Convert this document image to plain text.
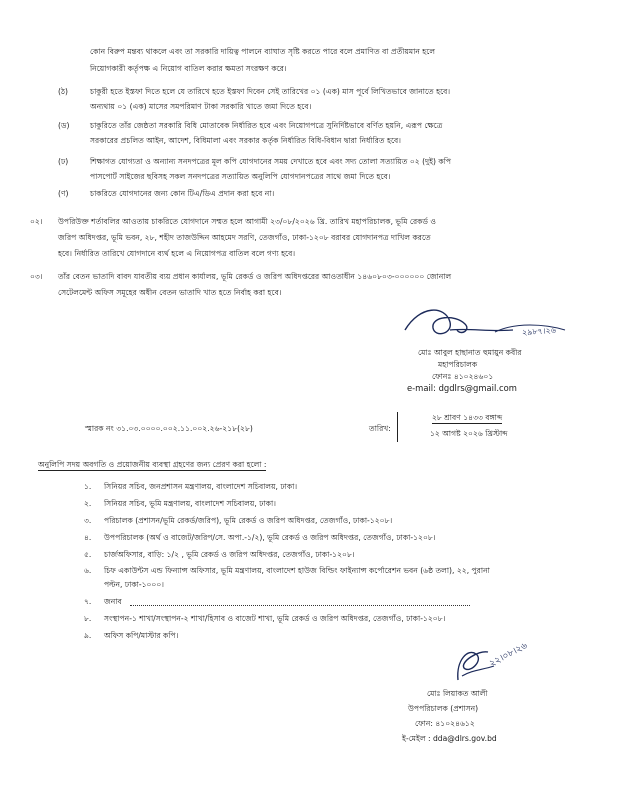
কোন বিরুপ মন্তব্য থাকলে এবং তা সরকারি দায়িত্ব পালনে ব্যাঘাত সৃষ্টি করতে পারে বলে প্রমাণিত বা প্রতীয়মান হলে
নিয়োগকারী কর্তৃপক্ষ এ নিয়োগ বাতিল করার ক্ষমতা সংরক্ষণ করে।
(ঠ)	চাকুরী হতে ইস্তফা দিতে হলে যে তারিখে হতে ইস্তফা দিবেন সেই তারিখের ০১ (এক) মাস পূর্বে লিখিতভাবে জানাতে হবে।
অন্যথায় ০১ (এক) মাসের সমপরিমাণ টাকা সরকারি খাতে জমা দিতে হবে।
(ড)	চাকুরিতে তাঁর জেষ্ঠতা সরকারি বিধি মোতাবেক নির্ধারিত হবে এবং নিয়োগপত্রে সুনির্দিষ্টভাবে বর্ণিত হয়নি, এরূপ ক্ষেত্রে
সরকারের প্রচলিত আইন, আদেশ, বিধিমালা এবং সরকার কর্তৃক নির্ধারিত বিধি-বিধান দ্বারা নির্ধারিত হবে।
(ঢ)	শিক্ষাগত যোগ্যতা ও অন্যান্য সনদপত্রের মূল কপি যোগদানের সময় দেখাতে হবে এবং সদ্য তোলা সত্যায়িত ০২ (দুই) কপি
পাসপোর্ট সাইজের ছবিসহ সকল সনদপত্রের সত্যায়িত অনুলিপি যোগদানপত্রের সাথে জমা দিতে হবে।
(ণ)	চাকরিতে যোগদানের জন্য কোন টিএ/ডিএ প্রদান করা হবে না।
০২। উপরিউক্ত শর্তাবলির আওতায় চাকরিতে যোগদানে সম্মত হলে আগামী ২৩/০৮/২০২৬ খ্রি. তারিখ মহাপরিচালক, ভূমি রেকর্ড ও
জরিপ অধিদপ্তর, ভূমি ভবন, ২৮, শহীদ তাজউদ্দিন আহমেদ সরণি, তেজগাঁও, ঢাকা-১২০৮ বরাবর যোগদানপত্র দাখিল করতে
হবে। নির্ধারিত তারিখে যোগদানে ব্যর্থ হলে এ নিয়োগপত্র বাতিল বলে গণ্য হবে।
০৩। তাঁর বেতন ভাতাদি বাবদ যাবতীয় ব্যয় প্রধান কার্যালয়, ভূমি রেকর্ড ও জরিপ অধিদপ্তরের আওতাধীন ১৪৬০৮০৩-০০০০০০ জোনাল
সেটেলমেন্ট অফিস সমূহের অধীন বেতন ভাতাদি খাত হতে নির্বাহ করা হবে।
২৯৮৭।২৬
মোঃ আবুল হাছানাত হুমায়ুন কবীর
মহাপরিচালক
ফোনঃ ৪১০২৪৬০১
e-mail: dgdlrs@gmail.com
স্মারক নং ৩১.০৩.০০০০.০০২.১১.০০২.২৬-২১৮(২৮)	তারিখ:
২৮ শ্রাবণ ১৪৩৩ বঙ্গাব্দ
১২ আগষ্ট ২০২৬ খ্রিস্টাব্দ
অনুলিপি সদয় অবগতি ও প্রয়োজনীয় ব্যবস্থা গ্রহণের জন্য প্রেরণ করা হলো :
১. সিনিয়র সচিব, জনপ্রশাসন মন্ত্রণালয়, বাংলাদেশ সচিবালয়, ঢাকা।
২. সিনিয়র সচিব, ভূমি মন্ত্রণালয়, বাংলাদেশ সচিবালয়, ঢাকা।
৩. পরিচালক (প্রশাসন/ভূমি রেকর্ড/জরিপ), ভূমি রেকর্ড ও জরিপ অধিদপ্তর, তেজগাঁও, ঢাকা-১২০৮।
৪. উপপরিচালক (অর্থ ও বাজেট/জরিপ/সে. অপা.-১/২), ভূমি রেকর্ড ও জরিপ অধিদপ্তর, তেজগাঁও, ঢাকা-১২০৮।
৫. চার্জঅফিসার, বাড়ি: ১/২ , ভূমি রেকর্ড ও জরিপ অধিদপ্তর, তেজগাঁও, ঢাকা-১২০৮।
৬. চিফ একাউন্টস এন্ড ফিন্যান্স অফিসার, ভূমি মন্ত্রণালয়, বাংলাদেশ হাউজ বিল্ডিং ফাইন্যান্স কর্পোরেশন ভবন (৬ষ্ঠ তলা), ২২, পুরানা
পল্টন, ঢাকা-১০০০।
৭. জনাব
৮. সংস্থাপন-১ শাখা/সংস্থাপন-২ শাখা/হিসাব ও বাজেট শাখা, ভূমি রেকর্ড ও জরিপ অধিদপ্তর, তেজগাঁও, ঢাকা-১২০৮।
৯. অফিস কপি/মাস্টার কপি।
২২।০৮।২৬
মোঃ লিয়াকত আলী
উপপরিচালক (প্রশাসন)
ফোন: ৪১০২৪৬১২
ই-মেইল : dda@dlrs.gov.bd
